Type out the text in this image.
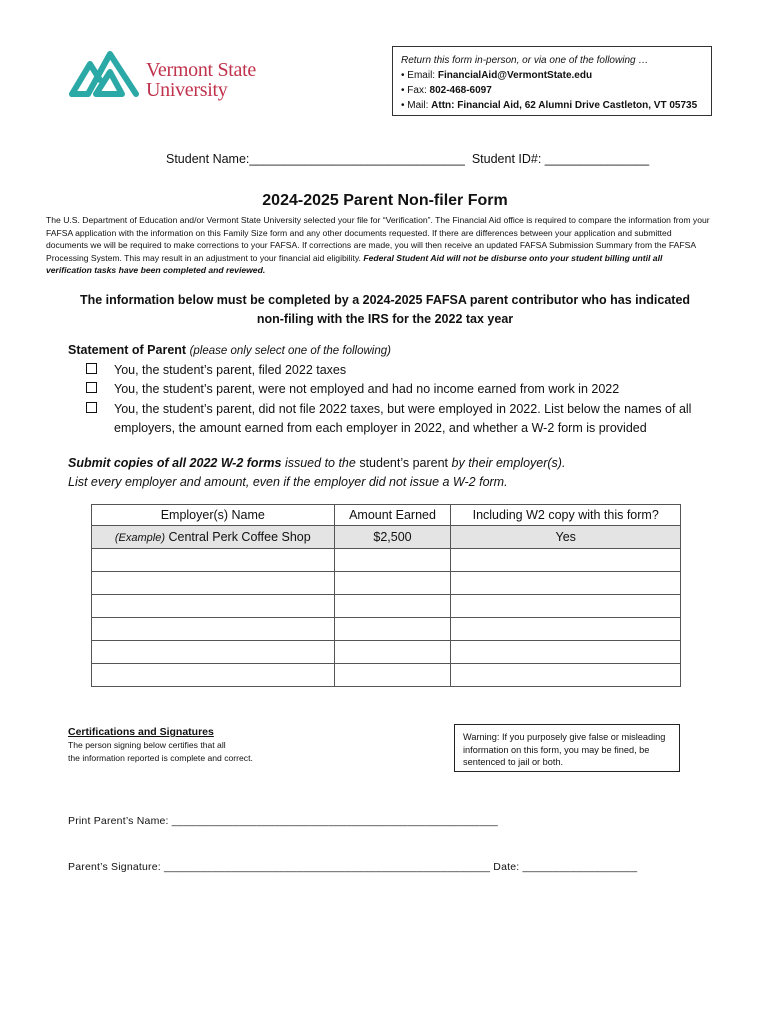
Vermont State
University
Return this form in-person, or via one of the following …
• Email: FinancialAid@VermontState.edu
• Fax: 802-468-6097
• Mail: Attn: Financial Aid, 62 Alumni Drive Castleton, VT 05735
Student Name:_______________________________  Student ID#: _______________
2024-2025 Parent Non-filer Form
The U.S. Department of Education and/or Vermont State University selected your file for “Verification”. The Financial Aid office is required to compare the information from your FAFSA application with the information on this Family Size form and any other documents requested. If there are differences between your application and submitted documents we will be required to make corrections to your FAFSA. If corrections are made, you will then receive an updated FAFSA Submission Summary from the FAFSA Processing System. This may result in an adjustment to your financial aid eligibility. Federal Student Aid will not be disburse onto your student billing until all verification tasks have been completed and reviewed.
The information below must be completed by a 2024-2025 FAFSA parent contributor who has indicated
non-filing with the IRS for the 2022 tax year
Statement of Parent (please only select one of the following)
You, the student’s parent, filed 2022 taxes
You, the student’s parent, were not employed and had no income earned from work in 2022
You, the student’s parent, did not file 2022 taxes, but were employed in 2022. List below the names of all
employers, the amount earned from each employer in 2022, and whether a W-2 form is provided
Submit copies of all 2022 W-2 forms issued to the student’s parent by their employer(s).
List every employer and amount, even if the employer did not issue a W-2 form.
Employer(s) Name	Amount Earned	Including W2 copy with this form?
(Example) Central Perk Coffee Shop	$2,500	Yes

Certifications and Signatures
The person signing below certifies that all
the information reported is complete and correct.
Warning: If you purposely give false or misleading information on this form, you may be fined, be sentenced to jail or both.
Print Parent’s Name: ______________________________________________________
Parent’s Signature: ______________________________________________________ Date: ___________________
